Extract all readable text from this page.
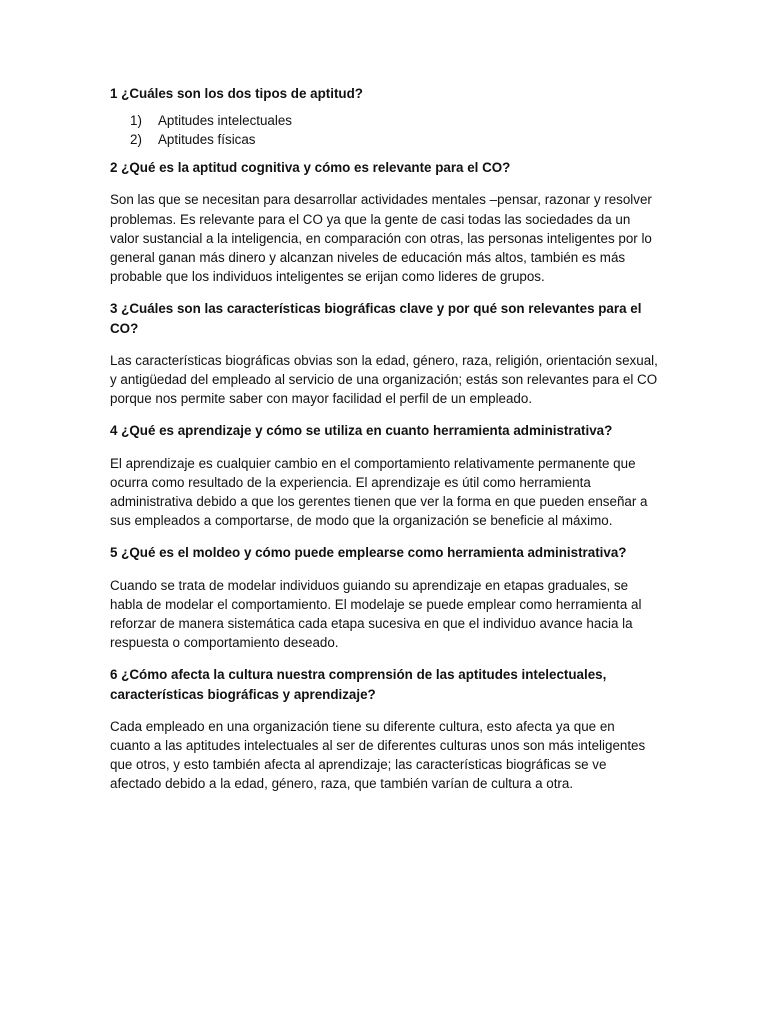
1 ¿Cuáles son los dos tipos de aptitud?

1)	Aptitudes intelectuales
2)	Aptitudes físicas

2 ¿Qué es la aptitud cognitiva y cómo es relevante para el CO?

Son las que se necesitan para desarrollar actividades mentales –pensar, razonar y resolver problemas. Es relevante para el CO ya que la gente de casi todas las sociedades da un valor sustancial a la inteligencia, en comparación con otras, las personas inteligentes por lo general ganan más dinero y alcanzan niveles de educación más altos, también es más probable que los individuos inteligentes se erijan como lideres de grupos.

3 ¿Cuáles son las características biográficas clave y por qué son relevantes para el CO?

Las características biográficas obvias son la edad, género, raza, religión, orientación sexual, y antigüedad del empleado al servicio de una organización; estás son relevantes para el CO porque nos permite saber con mayor facilidad el perfil de un empleado.

4 ¿Qué es aprendizaje y cómo se utiliza en cuanto herramienta administrativa?

El aprendizaje es cualquier cambio en el comportamiento relativamente permanente que ocurra como resultado de la experiencia. El aprendizaje es útil como herramienta administrativa debido a que los gerentes tienen que ver la forma en que pueden enseñar a sus empleados a comportarse, de modo que la organización se beneficie al máximo.

5 ¿Qué es el moldeo y cómo puede emplearse como herramienta administrativa?

Cuando se trata de modelar individuos guiando su aprendizaje en etapas graduales, se habla de modelar el comportamiento. El modelaje se puede emplear como herramienta al reforzar de manera sistemática cada etapa sucesiva en que el individuo avance hacia la respuesta o comportamiento deseado.

6 ¿Cómo afecta la cultura nuestra comprensión de las aptitudes intelectuales, características biográficas y aprendizaje?

Cada empleado en una organización tiene su diferente cultura, esto afecta ya que en cuanto a las aptitudes intelectuales al ser de diferentes culturas unos son más inteligentes que otros, y esto también afecta al aprendizaje; las características biográficas se ve afectado debido a la edad, género, raza, que también varían de cultura a otra.
